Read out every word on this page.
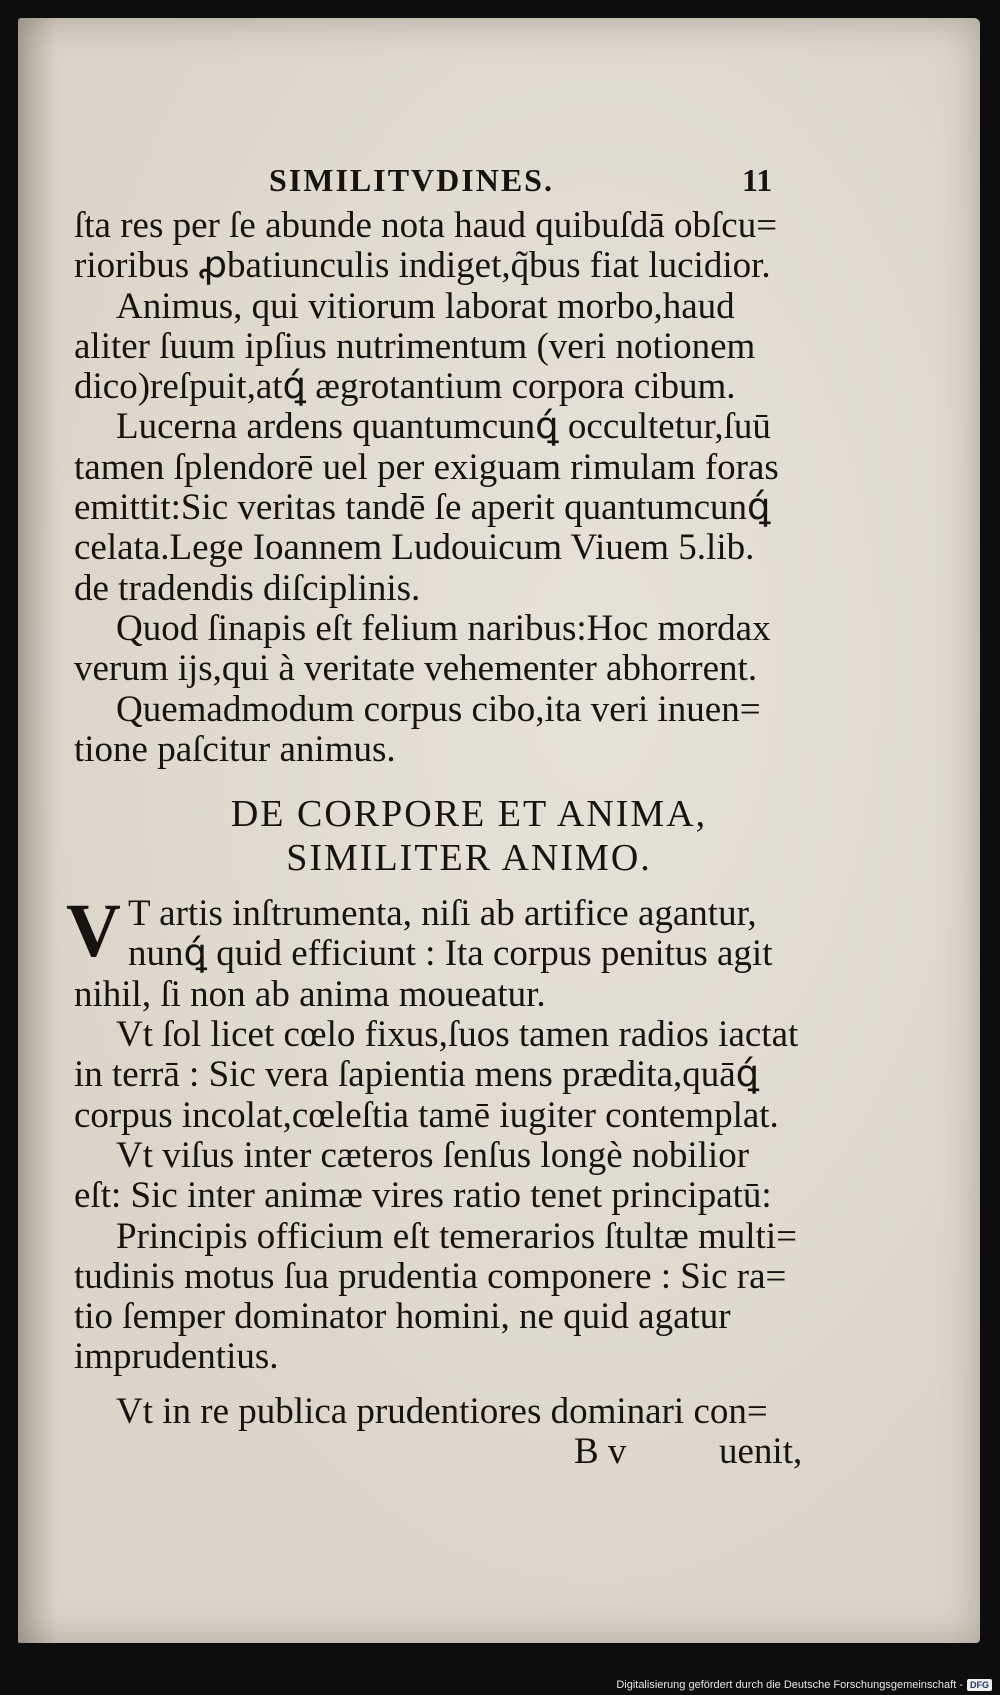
SIMILITVDINES.	11
ſta res per ſe abunde nota haud quibuſdā obſcu=
rioribus ꝓbatiunculis indiget,q̃bus fiat lucidior.
Animus, qui vitiorum laborat morbo,haud
aliter ſuum ipſius nutrimentum (veri notionem
dico)reſpuit,atꝗ́ ægrotantium corpora cibum.
Lucerna ardens quantumcunꝗ́ occultetur,ſuū
tamen ſplendorē uel per exiguam rimulam foras
emittit:Sic veritas tandē ſe aperit quantumcunꝗ́
celata.Lege Ioannem Ludouicum Viuem 5.lib.
de tradendis diſciplinis.
Quod ſinapis eſt felium naribus:Hoc mordax
verum ĳs,qui à veritate vehementer abhorrent.
Quemadmodum corpus cibo,ita veri inuen=
tione paſcitur animus.
DE CORPORE ET ANIMA,
SIMILITER ANIMO.
V T artis inſtrumenta, niſi ab artifice agantur,
nunꝗ́ quid efficiunt : Ita corpus penitus agit
nihil, ſi non ab anima moueatur.
Vt ſol licet cœlo fixus,ſuos tamen radios iactat
in terrā : Sic vera ſapientia mens prædita,quāꝗ́
corpus incolat,cœleſtia tamē iugiter contemplat.
Vt viſus inter cæteros ſenſus longè nobilior
eſt: Sic inter animæ vires ratio tenet principatū:
Principis officium eſt temerarios ſtultæ multi=
tudinis motus ſua prudentia componere : Sic ra=
tio ſemper dominator homini, ne quid agatur
imprudentius.
Vt in re publica prudentiores dominari con=
B v	uenit,
Digitalisierung gefördert durch die Deutsche Forschungsgemeinschaft - DFG
